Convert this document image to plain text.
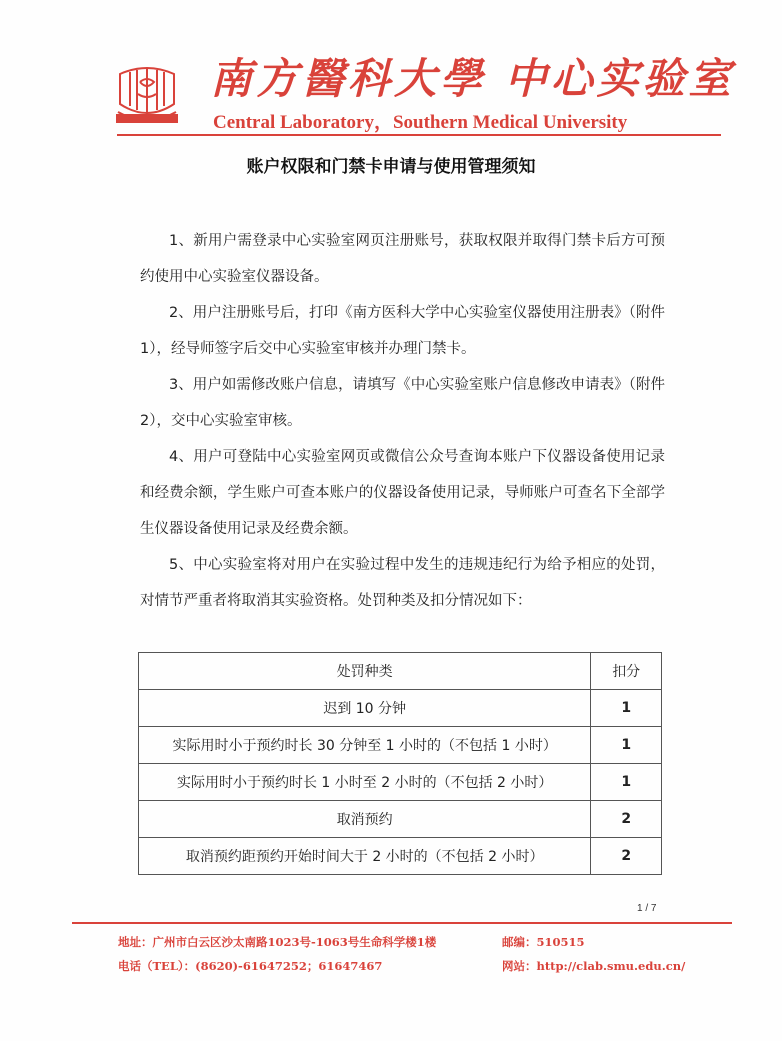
南方醫科大學 中心实验室
Central Laboratory，Southern Medical University
账户权限和门禁卡申请与使用管理须知

1、新用户需登录中心实验室网页注册账号，获取权限并取得门禁卡后方可预约使用中心实验室仪器设备。

2、用户注册账号后，打印《南方医科大学中心实验室仪器使用注册表》（附件 1），经导师签字后交中心实验室审核并办理门禁卡。

3、用户如需修改账户信息，请填写《中心实验室账户信息修改申请表》（附件 2），交中心实验室审核。

4、用户可登陆中心实验室网页或微信公众号查询本账户下仪器设备使用记录和经费余额，学生账户可查本账户的仪器设备使用记录，导师账户可查名下全部学生仪器设备使用记录及经费余额。

5、中心实验室将对用户在实验过程中发生的违规违纪行为给予相应的处罚，对情节严重者将取消其实验资格。处罚种类及扣分情况如下：

处罚种类	扣分
迟到 10 分钟	1
实际用时小于预约时长 30 分钟至 1 小时的（不包括 1 小时）	1
实际用时小于预约时长 1 小时至 2 小时的（不包括 2 小时）	1
取消预约	2
取消预约距预约开始时间大于 2 小时的（不包括 2 小时）	2
1 / 7
地址：广州市白云区沙太南路1023号-1063号生命科学楼1楼	邮编：510515
电话（TEL）：(8620)-61647252；61647467	网站：http://clab.smu.edu.cn/
